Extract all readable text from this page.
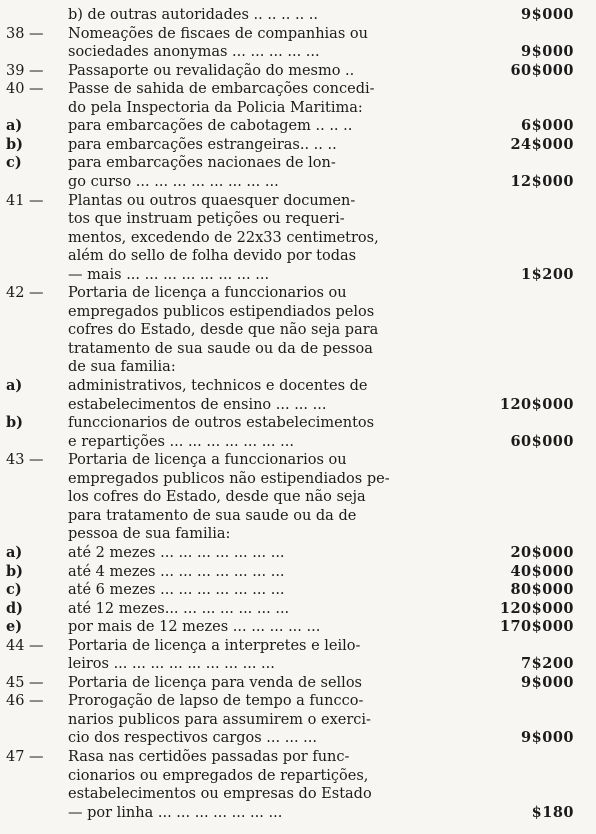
b) de outras autoridades .. .. .. .. ..	9$000
38 — Nomeações de fiscaes de companhias ou
sociedades anonymas ... ... ... ... ...	9$000
39 — Passaporte ou revalidação do mesmo ..	60$000
40 — Passe de sahida de embarcações concedi-
do pela Inspectoria da Policia Maritima:
a)	para embarcações de cabotagem .. .. ..	6$000
b)	para embarcações estrangeiras.. .. ..	24$000
c)	para embarcações nacionaes de lon-
go curso ... ... ... ... ... ... ... ...	12$000
41 — Plantas ou outros quaesquer documen-
tos que instruam petições ou requeri-
mentos, excedendo de 22x33 centimetros,
além do sello de folha devido por todas
— mais ... ... ... ... ... ... ... ...	1$200
42 — Portaria de licença a funccionarios ou
empregados publicos estipendiados pelos
cofres do Estado, desde que não seja para
tratamento de sua saude ou da de pessoa
de sua familia:
a)	administrativos, technicos e docentes de
estabelecimentos de ensino ... ... ...	120$000
b)	funccionarios de outros estabelecimentos
e repartições ... ... ... ... ... ... ...	60$000
43 — Portaria de licença a funccionarios ou
empregados publicos não estipendiados pe-
los cofres do Estado, desde que não seja
para tratamento de sua saude ou da de
pessoa de sua familia:
a)	até 2 mezes ... ... ... ... ... ... ...	20$000
b)	até 4 mezes ... ... ... ... ... ... ...	40$000
c)	até 6 mezes ... ... ... ... ... ... ...	80$000
d)	até 12 mezes... ... ... ... ... ... ...	120$000
e)	por mais de 12 mezes ... ... ... ... ...	170$000
44 — Portaria de licença a interpretes e leilo-
leiros ... ... ... ... ... ... ... ... ...	7$200
45 — Portaria de licença para venda de sellos	9$000
46 — Prorogação de lapso de tempo a funcco-
narios publicos para assumirem o exerci-
cio dos respectivos cargos ... ... ...	9$000
47 — Rasa nas certidões passadas por func-
cionarios ou empregados de repartições,
estabelecimentos ou empresas do Estado
— por linha ... ... ... ... ... ... ...	$180
